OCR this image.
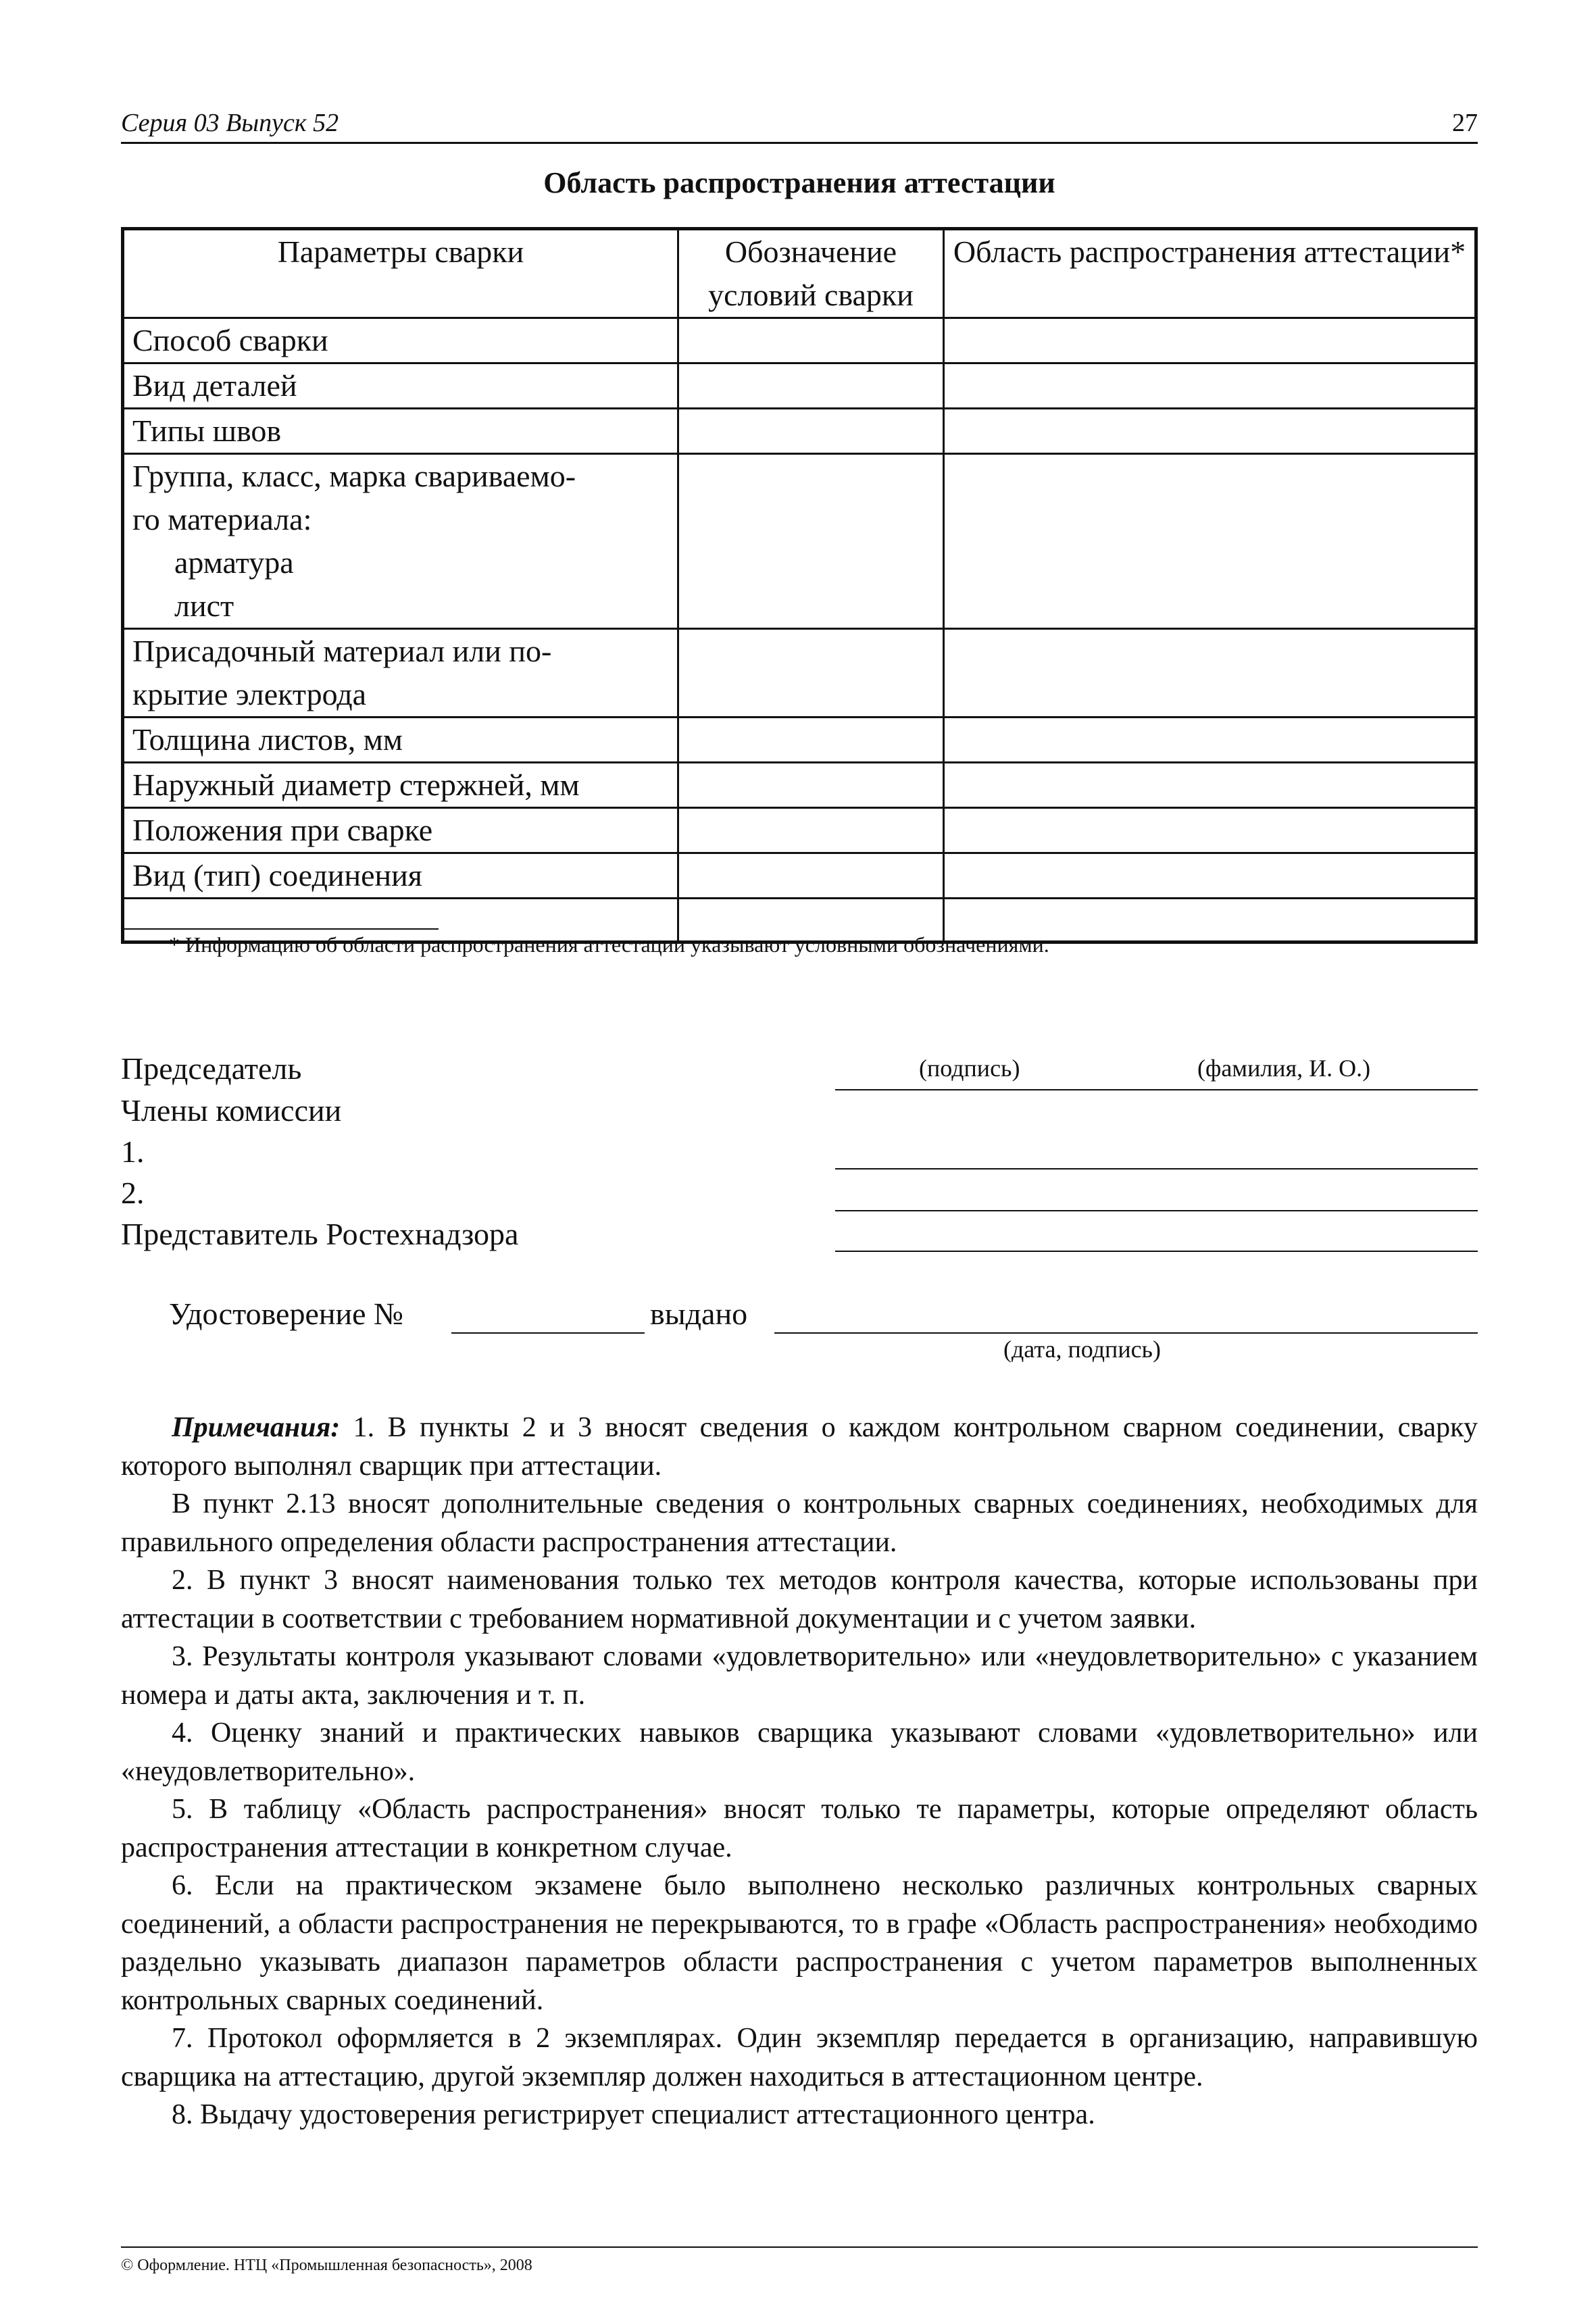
Серия 03 Выпуск 52	27
Область распространения аттестации
Параметры сварки	Обозначение условий сварки	Область распространения аттестации*
Способ сварки		
Вид деталей		
Типы швов		

Группа, класс, марка свариваемо-
го материала:
арматура
лист		

Присадочный материал или по-
крытие электрода		

Толщина листов, мм		
Наружный диаметр стержней, мм		
Положения при сварке		
Вид (тип) соединения		

* Информацию об области распространения аттестации указывают условными обозначениями.
Председатель	(подпись)	(фамилия, И. О.)
Члены комиссии
1.
2.
Представитель Ростехнадзора
Удостоверение №	выдано
(дата, подпись)

Примечания: 1. В пункты 2 и 3 вносят сведения о каждом контрольном сварном соединении, сварку которого выполнял сварщик при аттестации.

В пункт 2.13 вносят дополнительные сведения о контрольных сварных соединениях, необходимых для правильного определения области распространения аттестации.

2. В пункт 3 вносят наименования только тех методов контроля качества, которые использованы при аттестации в соответствии с требованием нормативной документации и с учетом заявки.

3. Результаты контроля указывают словами «удовлетворительно» или «неудовлетворительно» с указанием номера и даты акта, заключения и т. п.

4. Оценку знаний и практических навыков сварщика указывают словами «удовлетворительно» или «неудовлетворительно».

5. В таблицу «Область распространения» вносят только те параметры, которые определяют область распространения аттестации в конкретном случае.

6. Если на практическом экзамене было выполнено несколько различных контрольных сварных соединений, а области распространения не перекрываются, то в графе «Область распространения» необходимо раздельно указывать диапазон параметров области распространения с учетом параметров выполненных контрольных сварных соединений.

7. Протокол оформляется в 2 экземплярах. Один экземпляр передается в организацию, направившую сварщика на аттестацию, другой экземпляр должен находиться в аттестационном центре.

8. Выдачу удостоверения регистрирует специалист аттестационного центра.

© Оформление. НТЦ «Промышленная безопасность», 2008
